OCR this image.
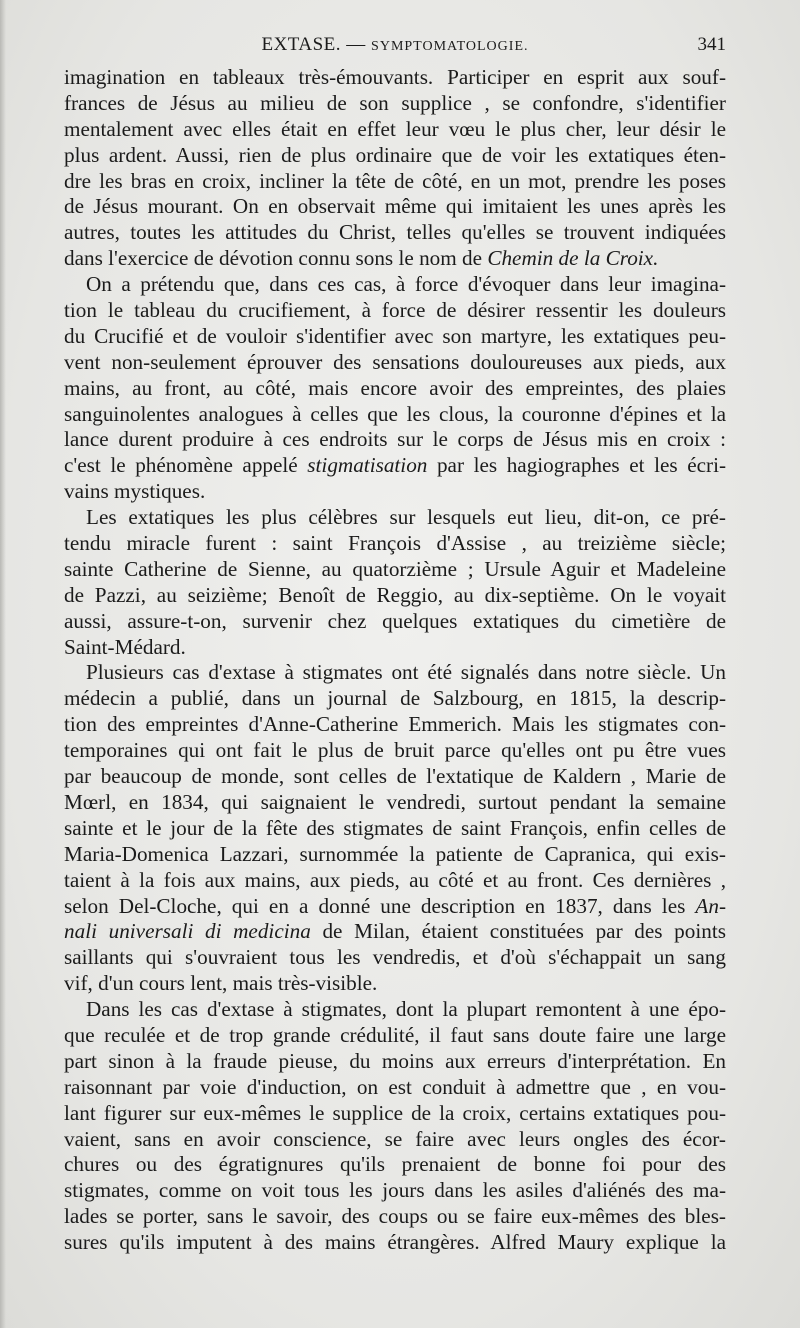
EXTASE. — SYMPTOMATOLOGIE.	341
imagination en tableaux très-émouvants. Participer en esprit aux souf-
frances de Jésus au milieu de son supplice , se confondre, s'identifier
mentalement avec elles était en effet leur vœu le plus cher, leur désir le
plus ardent. Aussi, rien de plus ordinaire que de voir les extatiques éten-
dre les bras en croix, incliner la tête de côté, en un mot, prendre les poses
de Jésus mourant. On en observait même qui imitaient les unes après les
autres, toutes les attitudes du Christ, telles qu'elles se trouvent indiquées
dans l'exercice de dévotion connu sons le nom de Chemin de la Croix.
On a prétendu que, dans ces cas, à force d'évoquer dans leur imagina-
tion le tableau du crucifiement, à force de désirer ressentir les douleurs
du Crucifié et de vouloir s'identifier avec son martyre, les extatiques peu-
vent non-seulement éprouver des sensations douloureuses aux pieds, aux
mains, au front, au côté, mais encore avoir des empreintes, des plaies
sanguinolentes analogues à celles que les clous, la couronne d'épines et la
lance durent produire à ces endroits sur le corps de Jésus mis en croix :
c'est le phénomène appelé stigmatisation par les hagiographes et les écri-
vains mystiques.
Les extatiques les plus célèbres sur lesquels eut lieu, dit-on, ce pré-
tendu miracle furent : saint François d'Assise , au treizième siècle;
sainte Catherine de Sienne, au quatorzième ; Ursule Aguir et Madeleine
de Pazzi, au seizième; Benoît de Reggio, au dix-septième. On le voyait
aussi, assure-t-on, survenir chez quelques extatiques du cimetière de
Saint-Médard.
Plusieurs cas d'extase à stigmates ont été signalés dans notre siècle. Un
médecin a publié, dans un journal de Salzbourg, en 1815, la descrip-
tion des empreintes d'Anne-Catherine Emmerich. Mais les stigmates con-
temporaines qui ont fait le plus de bruit parce qu'elles ont pu être vues
par beaucoup de monde, sont celles de l'extatique de Kaldern , Marie de
Mœrl, en 1834, qui saignaient le vendredi, surtout pendant la semaine
sainte et le jour de la fête des stigmates de saint François, enfin celles de
Maria-Domenica Lazzari, surnommée la patiente de Capranica, qui exis-
taient à la fois aux mains, aux pieds, au côté et au front. Ces dernières ,
selon Del-Cloche, qui en a donné une description en 1837, dans les An-
nali universali di medicina de Milan, étaient constituées par des points
saillants qui s'ouvraient tous les vendredis, et d'où s'échappait un sang
vif, d'un cours lent, mais très-visible.
Dans les cas d'extase à stigmates, dont la plupart remontent à une épo-
que reculée et de trop grande crédulité, il faut sans doute faire une large
part sinon à la fraude pieuse, du moins aux erreurs d'interprétation. En
raisonnant par voie d'induction, on est conduit à admettre que , en vou-
lant figurer sur eux-mêmes le supplice de la croix, certains extatiques pou-
vaient, sans en avoir conscience, se faire avec leurs ongles des écor-
chures ou des égratignures qu'ils prenaient de bonne foi pour des
stigmates, comme on voit tous les jours dans les asiles d'aliénés des ma-
lades se porter, sans le savoir, des coups ou se faire eux-mêmes des bles-
sures qu'ils imputent à des mains étrangères. Alfred Maury explique la
